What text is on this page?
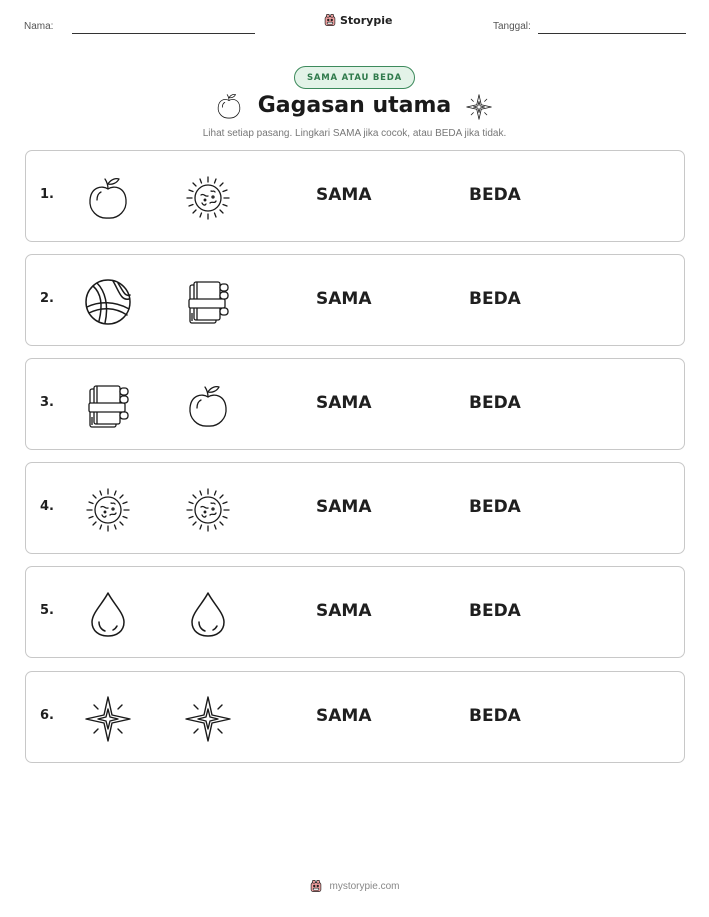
Nama:	Storypie	Tanggal:
SAMA ATAU BEDA
Gagasan utama
Lihat setiap pasang. Lingkari SAMA jika cocok, atau BEDA jika tidak.
1.	SAMA	BEDA
2.	SAMA	BEDA
3.	SAMA	BEDA
4.	SAMA	BEDA
5.	SAMA	BEDA
6.	SAMA	BEDA
mystorypie.com
